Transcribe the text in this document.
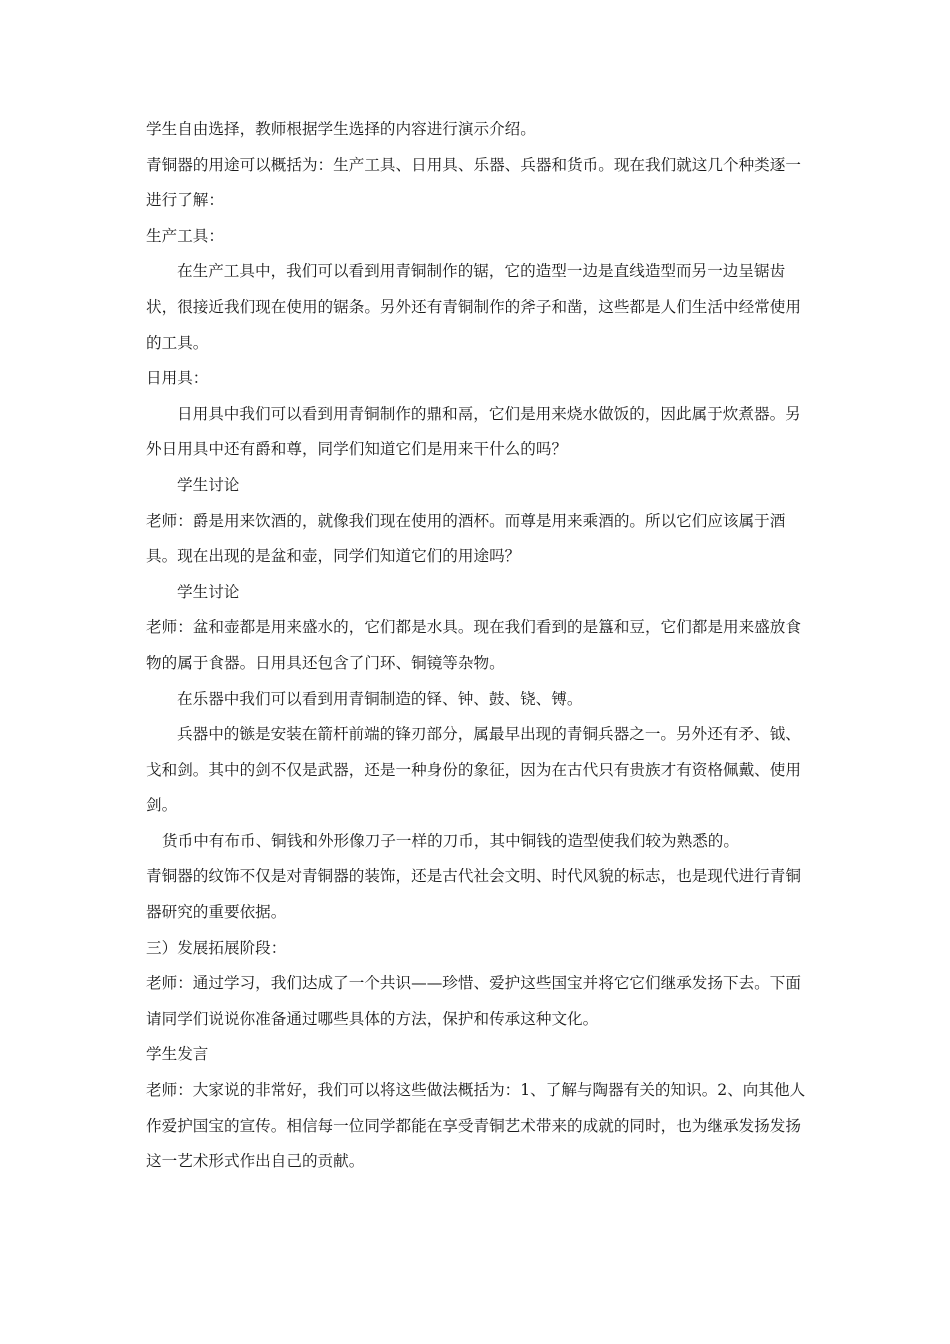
学生自由选择，教师根据学生选择的内容进行演示介绍。

青铜器的用途可以概括为：生产工具、日用具、乐器、兵器和货币。现在我们就这几个种类逐一进行了解：

生产工具：

在生产工具中，我们可以看到用青铜制作的锯，它的造型一边是直线造型而另一边呈锯齿状，很接近我们现在使用的锯条。另外还有青铜制作的斧子和凿，这些都是人们生活中经常使用的工具。

日用具：

日用具中我们可以看到用青铜制作的鼎和鬲，它们是用来烧水做饭的，因此属于炊煮器。另外日用具中还有爵和尊，同学们知道它们是用来干什么的吗？

学生讨论

老师：爵是用来饮酒的，就像我们现在使用的酒杯。而尊是用来乘酒的。所以它们应该属于酒具。现在出现的是盆和壶，同学们知道它们的用途吗？

学生讨论

老师：盆和壶都是用来盛水的，它们都是水具。现在我们看到的是簋和豆，它们都是用来盛放食物的属于食器。日用具还包含了门环、铜镜等杂物。

在乐器中我们可以看到用青铜制造的铎、钟、鼓、铙、镈。

兵器中的镞是安装在箭杆前端的锋刃部分，属最早出现的青铜兵器之一。另外还有矛、钺、戈和剑。其中的剑不仅是武器，还是一种身份的象征，因为在古代只有贵族才有资格佩戴、使用剑。

货币中有布币、铜钱和外形像刀子一样的刀币，其中铜钱的造型使我们较为熟悉的。

青铜器的纹饰不仅是对青铜器的装饰，还是古代社会文明、时代风貌的标志，也是现代进行青铜器研究的重要依据。

三）发展拓展阶段：

老师：通过学习，我们达成了一个共识——珍惜、爱护这些国宝并将它它们继承发扬下去。下面请同学们说说你准备通过哪些具体的方法，保护和传承这种文化。

学生发言

老师：大家说的非常好，我们可以将这些做法概括为：1、了解与陶器有关的知识。2、向其他人作爱护国宝的宣传。相信每一位同学都能在享受青铜艺术带来的成就的同时，也为继承发扬发扬这一艺术形式作出自己的贡献。
